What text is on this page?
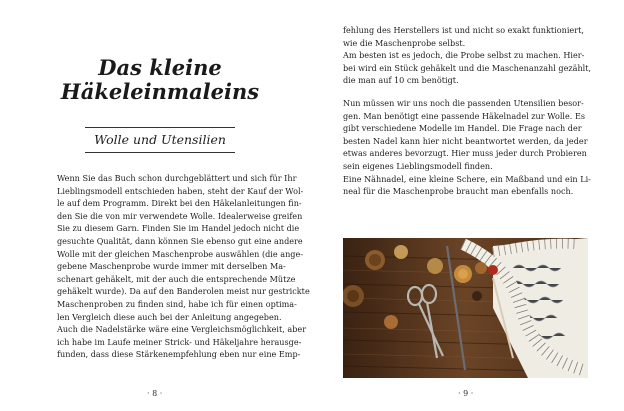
Das kleine
Häkeleinmaleins
Wolle und Utensilien
Wenn Sie das Buch schon durchgeblättert und sich für Ihr
Lieblingsmodell entschieden haben, steht der Kauf der Wol-
le auf dem Programm. Direkt bei den Häkelanleitungen fin-
den Sie die von mir verwendete Wolle. Idealerweise greifen
Sie zu diesem Garn. Finden Sie im Handel jedoch nicht die
gesuchte Qualität, dann können Sie ebenso gut eine andere
Wolle mit der gleichen Maschenprobe auswählen (die ange-
gebene Maschenprobe wurde immer mit derselben Ma-
schenart gehäkelt, mit der auch die entsprechende Mütze
gehäkelt wurde). Da auf den Banderolen meist nur gestrickte
Maschenproben zu finden sind, habe ich für einen optima-
len Vergleich diese auch bei der Anleitung angegeben.
Auch die Nadelstärke wäre eine Vergleichsmöglichkeit, aber
ich habe im Laufe meiner Strick- und Häkeljahre herausge-
funden, dass diese Stärkenempfehlung eben nur eine Emp-
· 8 ·
fehlung des Herstellers ist und nicht so exakt funktioniert,
wie die Maschenprobe selbst.
Am besten ist es jedoch, die Probe selbst zu machen. Hier-
bei wird ein Stück gehäkelt und die Maschenanzahl gezählt,
die man auf 10 cm benötigt.
Nun müssen wir uns noch die passenden Utensilien besor-
gen. Man benötigt eine passende Häkelnadel zur Wolle. Es
gibt verschiedene Modelle im Handel. Die Frage nach der
besten Nadel kann hier nicht beantwortet werden, da jeder
etwas anderes bevorzugt. Hier muss jeder durch Probieren
sein eigenes Lieblingsmodell finden.
Eine Nähnadel, eine kleine Schere, ein Maßband und ein Li-
neal für die Maschenprobe braucht man ebenfalls noch.
· 9 ·
